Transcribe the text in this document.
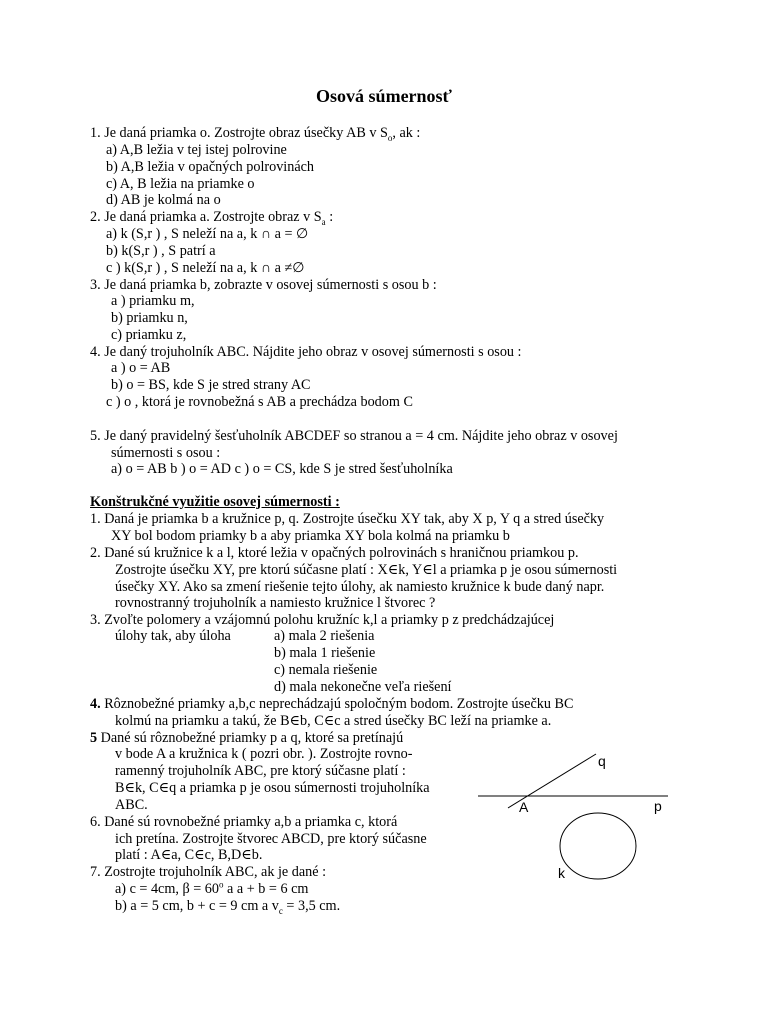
Osová súmernosť
1. Je daná priamka o. Zostrojte obraz úsečky AB v $S_o$, ak :
a) A,B ležia v tej istej polrovine
b) A,B ležia v opačných polrovinách
c) A, B ležia na priamke o
d) AB je kolmá na o
2. Je daná priamka a. Zostrojte obraz v $S_a$ :
a) k (S,r ) , S neleží na a, k ∩ a = ∅
b) k(S,r ) , S patrí a
c ) k(S,r ) , S neleží na a, k ∩ a ≠∅
3. Je daná priamka b, zobrazte v osovej súmernosti s osou b :
a ) priamku m,
b) priamku n,
c) priamku z,
4. Je daný trojuholník ABC. Nájdite jeho obraz v osovej súmernosti s osou :
a ) o = AB
b) o = BS, kde S je stred strany AC
c ) o , ktorá je rovnobežná s AB a prechádza bodom C
5. Je daný pravidelný šesťuholník ABCDEF so stranou a = 4 cm. Nájdite jeho obraz v osovej
súmernosti s osou :
a) o = AB b ) o = AD c ) o = CS, kde S je stred šesťuholníka
Konštrukčné využitie osovej súmernosti :
1. Daná je priamka b a kružnice p, q. Zostrojte úsečku XY tak, aby X p, Y q a stred úsečky
XY bol bodom priamky b a aby priamka XY bola kolmá na priamku b
2. Dané sú kružnice k a l, ktoré ležia v opačných polrovinách s hraničnou priamkou p.
Zostrojte úsečku XY, pre ktorú súčasne platí : X∈k, Y∈l a priamka p je osou súmernosti
úsečky XY. Ako sa zmení riešenie tejto úlohy, ak namiesto kružnice k bude daný napr.
rovnostranný trojuholník a namiesto kružnice l štvorec ?
3. Zvoľte polomery a vzájomnú polohu kružníc k,l a priamky p z predchádzajúcej
úlohy tak, aby úloha	a) mala 2 riešenia
b) mala 1 riešenie
c) nemala riešenie
d) mala nekonečne veľa riešení
4. Rôznobežné priamky a,b,c neprechádzajú spoločným bodom. Zostrojte úsečku BC
kolmú na priamku a takú, že B∈b, C∈c a stred úsečky BC leží na priamke a.
5 Dané sú rôznobežné priamky p a q, ktoré sa pretínajú
v bode A a kružnica k ( pozri obr. ). Zostrojte rovno-
ramenný trojuholník ABC, pre ktorý súčasne platí :
B∈k, C∈q a priamka p je osou súmernosti trojuholníka
ABC.
6. Dané sú rovnobežné priamky a,b a priamka c, ktorá
ich pretína. Zostrojte štvorec ABCD, pre ktorý súčasne
platí : A∈a, C∈c, B,D∈b.
7. Zostrojte trojuholník ABC, ak je dané :
a) c = 4cm, $\beta = 60^o$ a a + b = 6 cm
b) a = 5 cm, b + c = 9 cm a $v_c = 3,5$ cm.
q
p
A
k
